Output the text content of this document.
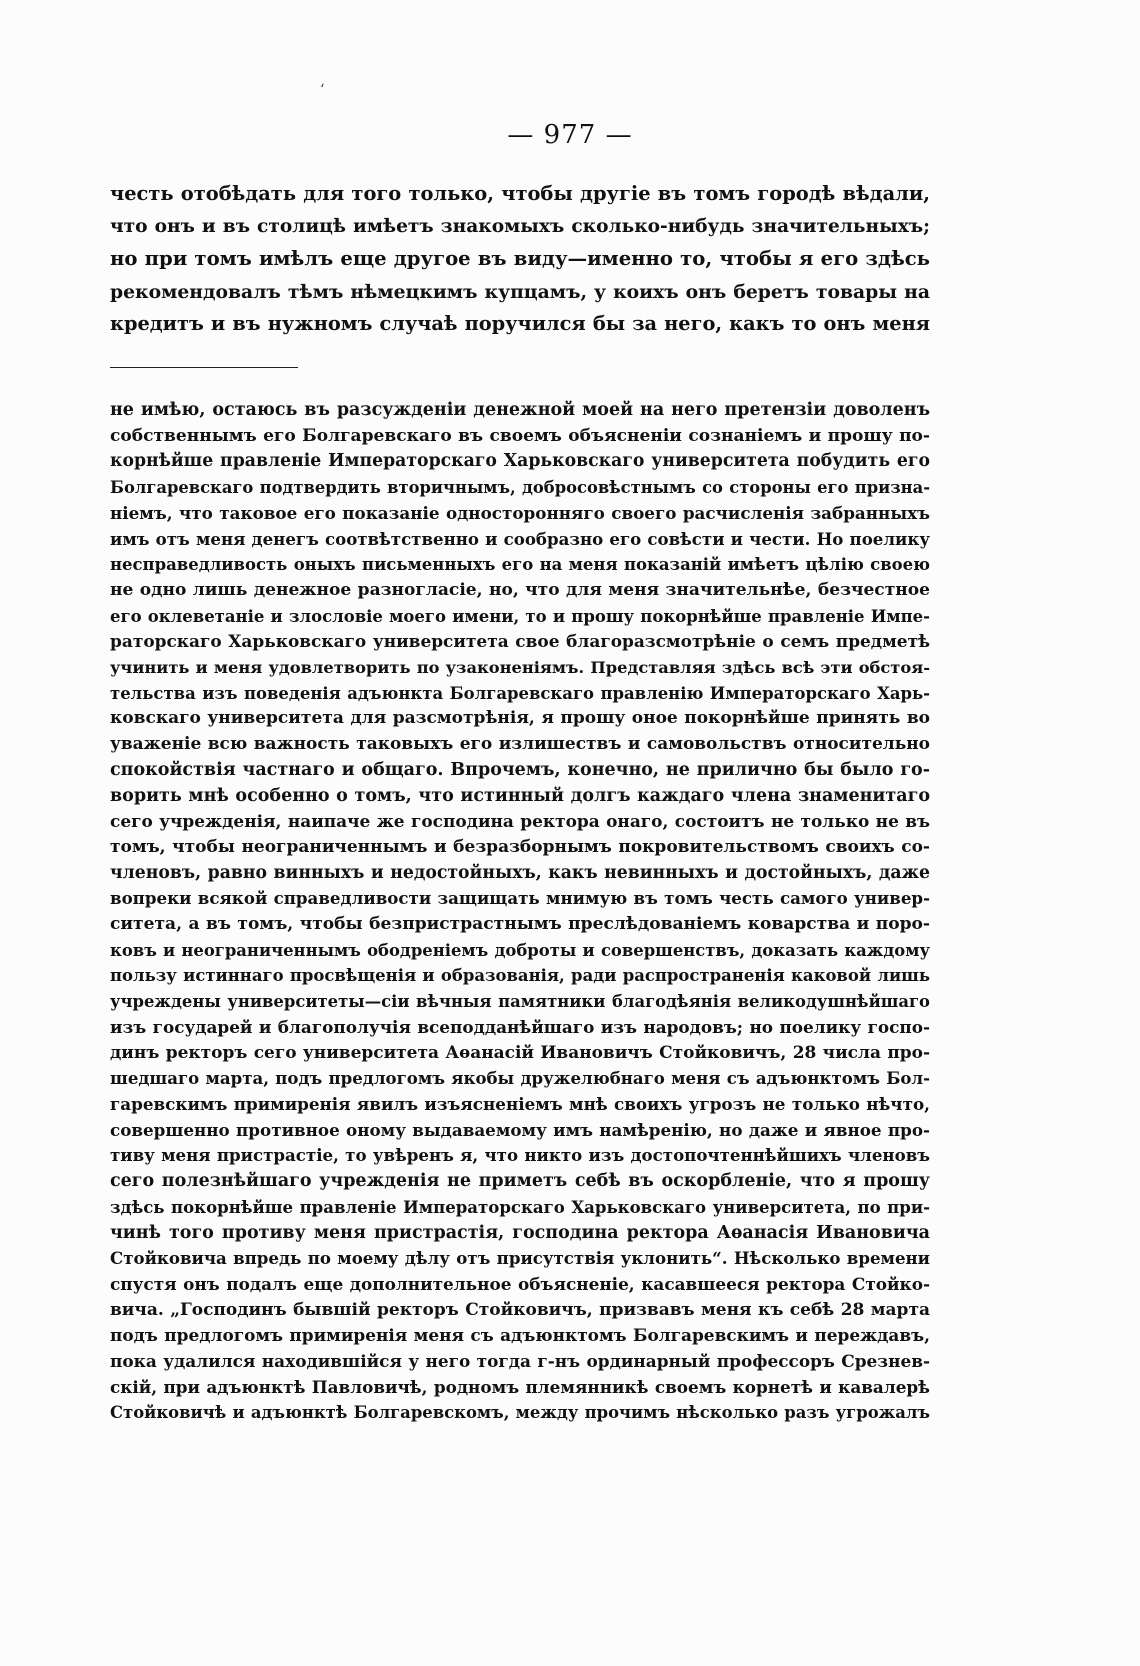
ʻ
— 977 —
честь отобѣдать для того только, чтобы другіе въ томъ городѣ вѣдали,
что онъ и въ столицѣ имѣетъ знакомыхъ сколько-нибудь значительныхъ;
но при томъ имѣлъ еще другое въ виду—именно то, чтобы я его здѣсь
рекомендовалъ тѣмъ нѣмецкимъ купцамъ, у коихъ онъ беретъ товары на
кредитъ и въ нужномъ случаѣ поручился бы за него, какъ то онъ меня
не имѣю, остаюсь въ разсужденіи денежной моей на него претензіи доволенъ
собственнымъ его Болгаревскаго въ своемъ объясненіи сознаніемъ и прошу по-
корнѣйше правленіе Императорскаго Харьковскаго университета побудить его
Болгаревскаго подтвердить вторичнымъ, добросовѣстнымъ со стороны его призна-
ніемъ, что таковое его показаніе односторонняго своего расчисленія забранныхъ
имъ отъ меня денегъ соотвѣтственно и сообразно его совѣсти и чести. Но поелику
несправедливость оныхъ письменныхъ его на меня показаній имѣетъ цѣлію своею
не одно лишь денежное разногласіе, но, что для меня значительнѣе, безчестное
его оклеветаніе и злословіе моего имени, то и прошу покорнѣйше правленіе Импе-
раторскаго Харьковскаго университета свое благоразсмотрѣніе о семъ предметѣ
учинить и меня удовлетворить по узаконеніямъ. Представляя здѣсь всѣ эти обстоя-
тельства изъ поведенія адъюнкта Болгаревскаго правленію Императорскаго Харь-
ковскаго университета для разсмотрѣнія, я прошу оное покорнѣйше принять во
уваженіе всю важность таковыхъ его излишествъ и самовольствъ относительно
спокойствія частнаго и общаго. Впрочемъ, конечно, не прилично бы было го-
ворить мнѣ особенно о томъ, что истинный долгъ каждаго члена знаменитаго
сего учрежденія, наипаче же господина ректора онаго, состоитъ не только не въ
томъ, чтобы неограниченнымъ и безразборнымъ покровительствомъ своихъ со-
членовъ, равно винныхъ и недостойныхъ, какъ невинныхъ и достойныхъ, даже
вопреки всякой справедливости защищать мнимую въ томъ честь самого универ-
ситета, а въ томъ, чтобы безпристрастнымъ преслѣдованіемъ коварства и поро-
ковъ и неограниченнымъ ободреніемъ доброты и совершенствъ, доказать каждому
пользу истиннаго просвѣщенія и образованія, ради распространенія каковой лишь
учреждены университеты—сіи вѣчныя памятники благодѣянія великодушнѣйшаго
изъ государей и благополучія всеподданѣйшаго изъ народовъ; но поелику госпо-
динъ ректоръ сего университета Аѳанасій Ивановичъ Стойковичъ, 28 числа про-
шедшаго марта, подъ предлогомъ якобы дружелюбнаго меня съ адъюнктомъ Бол-
гаревскимъ примиренія явилъ изъясненіемъ мнѣ своихъ угрозъ не только нѣчто,
совершенно противное оному выдаваемому имъ намѣренію, но даже и явное про-
тиву меня пристрастіе, то увѣренъ я, что никто изъ достопочтеннѣйшихъ членовъ
сего полезнѣйшаго учрежденія не приметъ себѣ въ оскорбленіе, что я прошу
здѣсь покорнѣйше правленіе Императорскаго Харьковскаго университета, по при-
чинѣ того противу меня пристрастія, господина ректора Аѳанасія Ивановича
Стойковича впредь по моему дѣлу отъ присутствія уклонить“. Нѣсколько времени
спустя онъ подалъ еще дополнительное объясненіе, касавшееся ректора Стойко-
вича. „Господинъ бывшій ректоръ Стойковичъ, призвавъ меня къ себѣ 28 марта
подъ предлогомъ примиренія меня съ адъюнктомъ Болгаревскимъ и переждавъ,
пока удалился находившійся у него тогда г-нъ ординарный профессоръ Срезнев-
скій, при адъюнктѣ Павловичѣ, родномъ племянникѣ своемъ корнетѣ и кавалерѣ
Стойковичѣ и адъюнктѣ Болгаревскомъ, между прочимъ нѣсколько разъ угрожалъ
